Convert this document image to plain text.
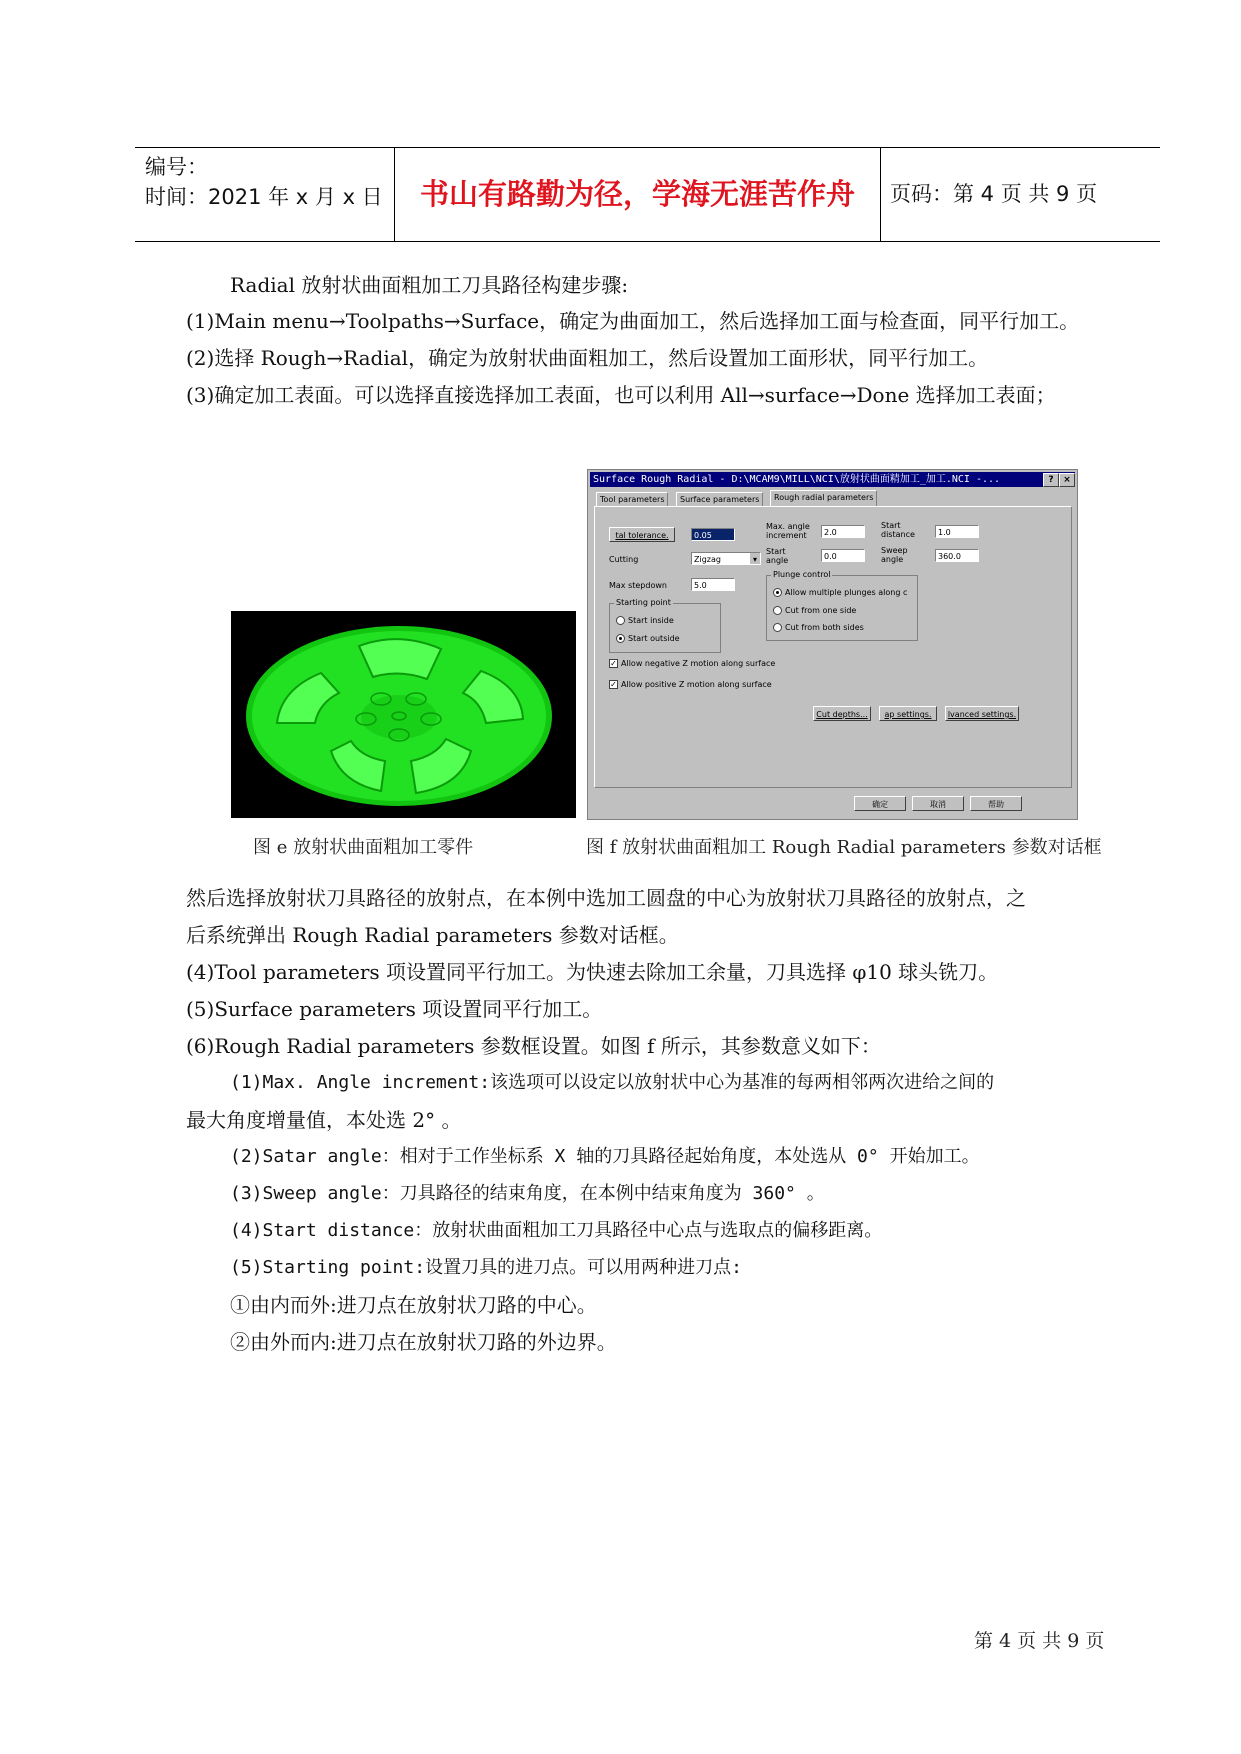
编号：
时间：2021 年 x 月 x 日	书山有路勤为径，学海无涯苦作舟	页码：第 4 页 共 9 页
Radial 放射状曲面粗加工刀具路径构建步骤:
(1)Main menu→Toolpaths→Surface，确定为曲面加工，然后选择加工面与检查面，同平行加工。
(2)选择 Rough→Radial，确定为放射状曲面粗加工，然后设置加工面形状，同平行加工。
(3)确定加工表面。可以选择直接选择加工表面，也可以利用 All→surface→Done 选择加工表面；
Surface Rough Radial - D:\MCAM9\MILL\NCI\放射状曲面精加工_加工.NCI -...	?	×
Tool parameters	Surface parameters	Rough radial parameters
tal tolerance.	0.05
Cutting	Zigzag	▾
Max stepdown	5.0
Max. angle
increment	2.0
Start
angle	0.0
Start
distance	1.0
Sweep
angle	360.0
Starting point
Start inside
Start outside
Plunge control
Allow multiple plunges along c
Cut from one side
Cut from both sides
✓ Allow negative Z motion along surface
✓ Allow positive Z motion along surface
Cut depths...	ap settings.	lvanced settings.
确定	取消	帮助
图 e 放射状曲面粗加工零件	图 f 放射状曲面粗加工 Rough Radial parameters 参数对话框
然后选择放射状刀具路径的放射点，在本例中选加工圆盘的中心为放射状刀具路径的放射点，之
后系统弹出 Rough Radial parameters 参数对话框。
(4)Tool parameters 项设置同平行加工。为快速去除加工余量，刀具选择 φ10 球头铣刀。
(5)Surface parameters 项设置同平行加工。
(6)Rough Radial parameters 参数框设置。如图 f 所示，其参数意义如下：
(1)Max. Angle increment:该选项可以设定以放射状中心为基准的每两相邻两次进给之间的
最大角度增量值，本处选 2° 。
(2)Satar angle：相对于工作坐标系 X 轴的刀具路径起始角度，本处选从 0° 开始加工。
(3)Sweep angle：刀具路径的结束角度，在本例中结束角度为 360° 。
(4)Start distance：放射状曲面粗加工刀具路径中心点与选取点的偏移距离。
(5)Starting point:设置刀具的进刀点。可以用两种进刀点:
①由内而外:进刀点在放射状刀路的中心。
②由外而内:进刀点在放射状刀路的外边界。
第 4 页 共 9 页
